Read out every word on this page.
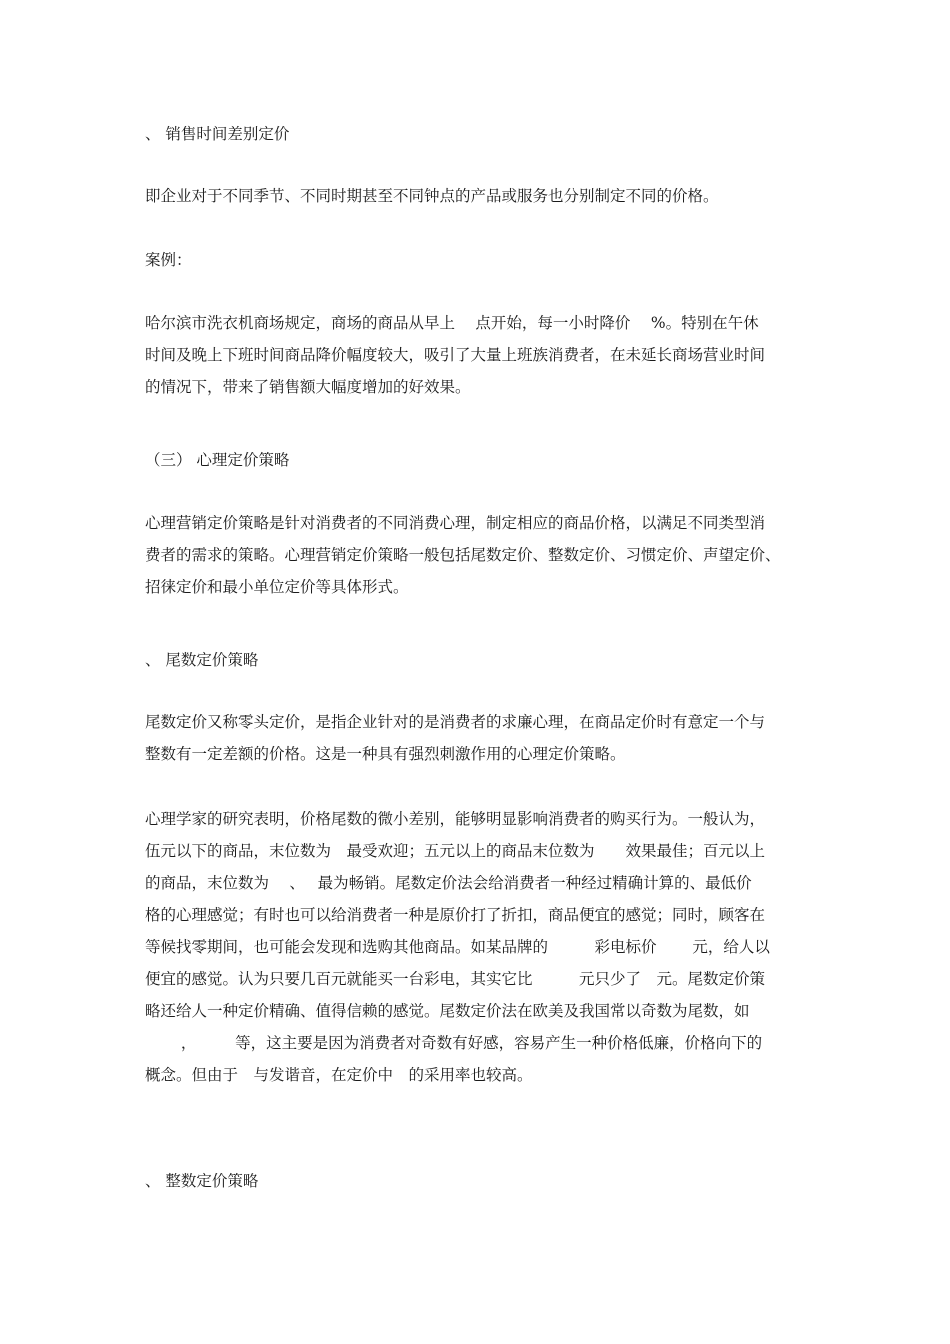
、 销售时间差别定价
即企业对于不同季节、不同时期甚至不同钟点的产品或服务也分别制定不同的价格。
案例：
哈尔滨市洗衣机商场规定，商场的商品从早上　 点开始，每一小时降价　 %。特别在午休
时间及晚上下班时间商品降价幅度较大，吸引了大量上班族消费者，在未延长商场营业时间
的情况下，带来了销售额大幅度增加的好效果。
（三） 心理定价策略
心理营销定价策略是针对消费者的不同消费心理，制定相应的商品价格，以满足不同类型消
费者的需求的策略。心理营销定价策略一般包括尾数定价、整数定价、习惯定价、声望定价、
招徕定价和最小单位定价等具体形式。
、 尾数定价策略
尾数定价又称零头定价，是指企业针对的是消费者的求廉心理，在商品定价时有意定一个与
整数有一定差额的价格。这是一种具有强烈刺激作用的心理定价策略。
心理学家的研究表明，价格尾数的微小差别，能够明显影响消费者的购买行为。一般认为，
伍元以下的商品，末位数为　最受欢迎；五元以上的商品末位数为　　效果最佳；百元以上
的商品，末位数为　 、　 最为畅销。尾数定价法会给消费者一种经过精确计算的、最低价
格的心理感觉；有时也可以给消费者一种是原价打了折扣，商品便宜的感觉；同时，顾客在
等候找零期间，也可能会发现和选购其他商品。如某品牌的　　　彩电标价　　 元，给人以
便宜的感觉。认为只要几百元就能买一台彩电，其实它比　　　元只少了　元。尾数定价策
略还给人一种定价精确、值得信赖的感觉。尾数定价法在欧美及我国常以奇数为尾数，如
　　 ，　　　等，这主要是因为消费者对奇数有好感，容易产生一种价格低廉，价格向下的
概念。但由于　与发谐音，在定价中　的采用率也较高。
、 整数定价策略
